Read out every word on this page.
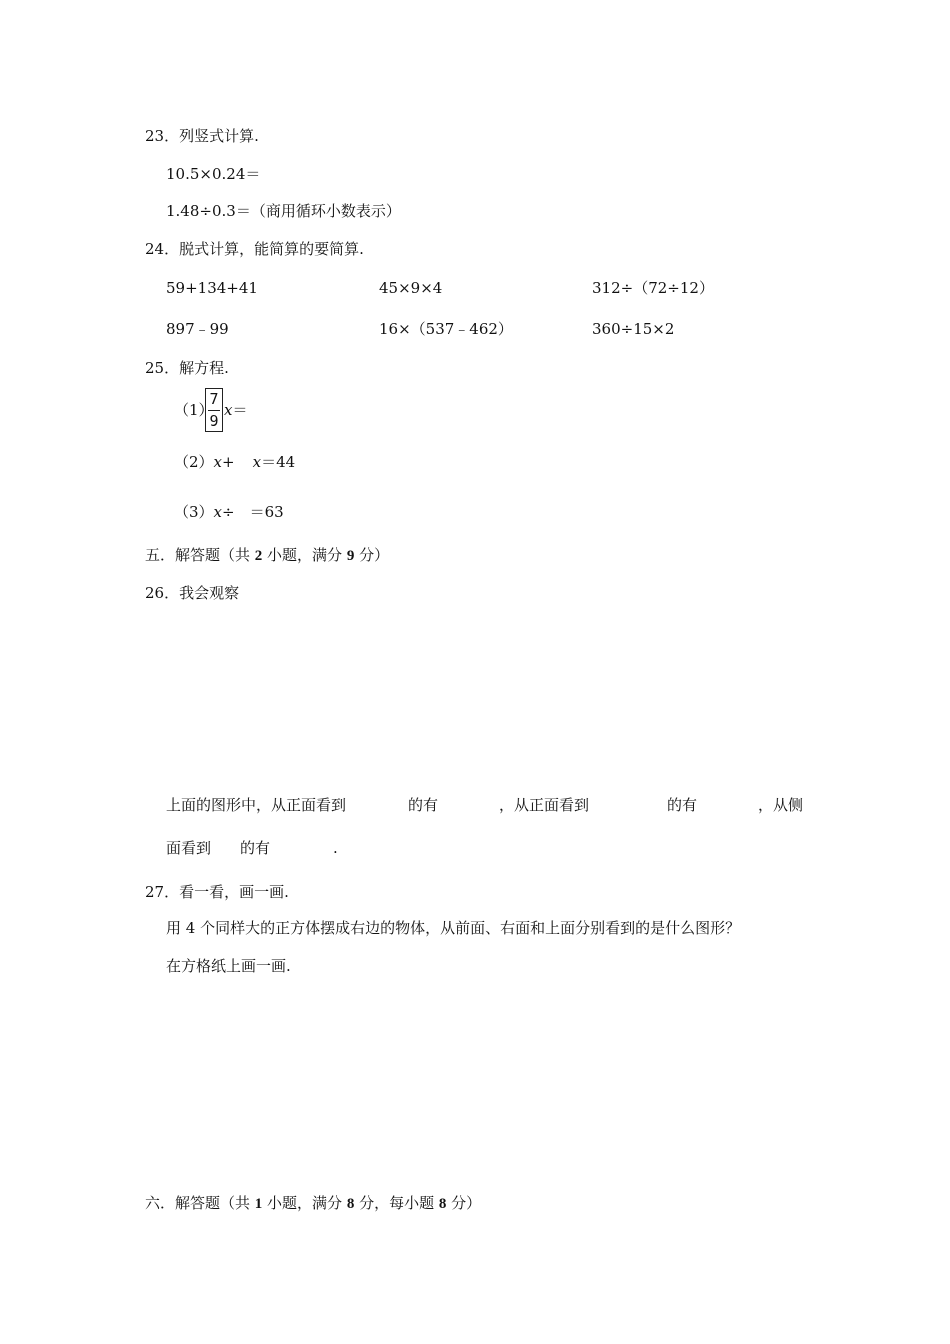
23．列竖式计算.
10.5×0.24＝
1.48÷0.3＝（商用循环小数表示）
24．脱式计算，能简算的要简算.
59+134+41	45×9×4	312÷（72÷12）
897﹣99	16×（537﹣462）	360÷15×2
25．解方程.
（1）
7
9
x＝
（2）x+ x＝44
（3）x÷　＝63
五．解答题（共 2 小题，满分 9 分）
26．我会观察
上面的图形中，从正面看到	的有	，从正面看到	的有	，从侧
面看到 的有	.
27．看一看，画一画.
用 4 个同样大的正方体摆成右边的物体，从前面、右面和上面分别看到的是什么图形？
在方格纸上画一画.
六．解答题（共 1 小题，满分 8 分，每小题 8 分）
